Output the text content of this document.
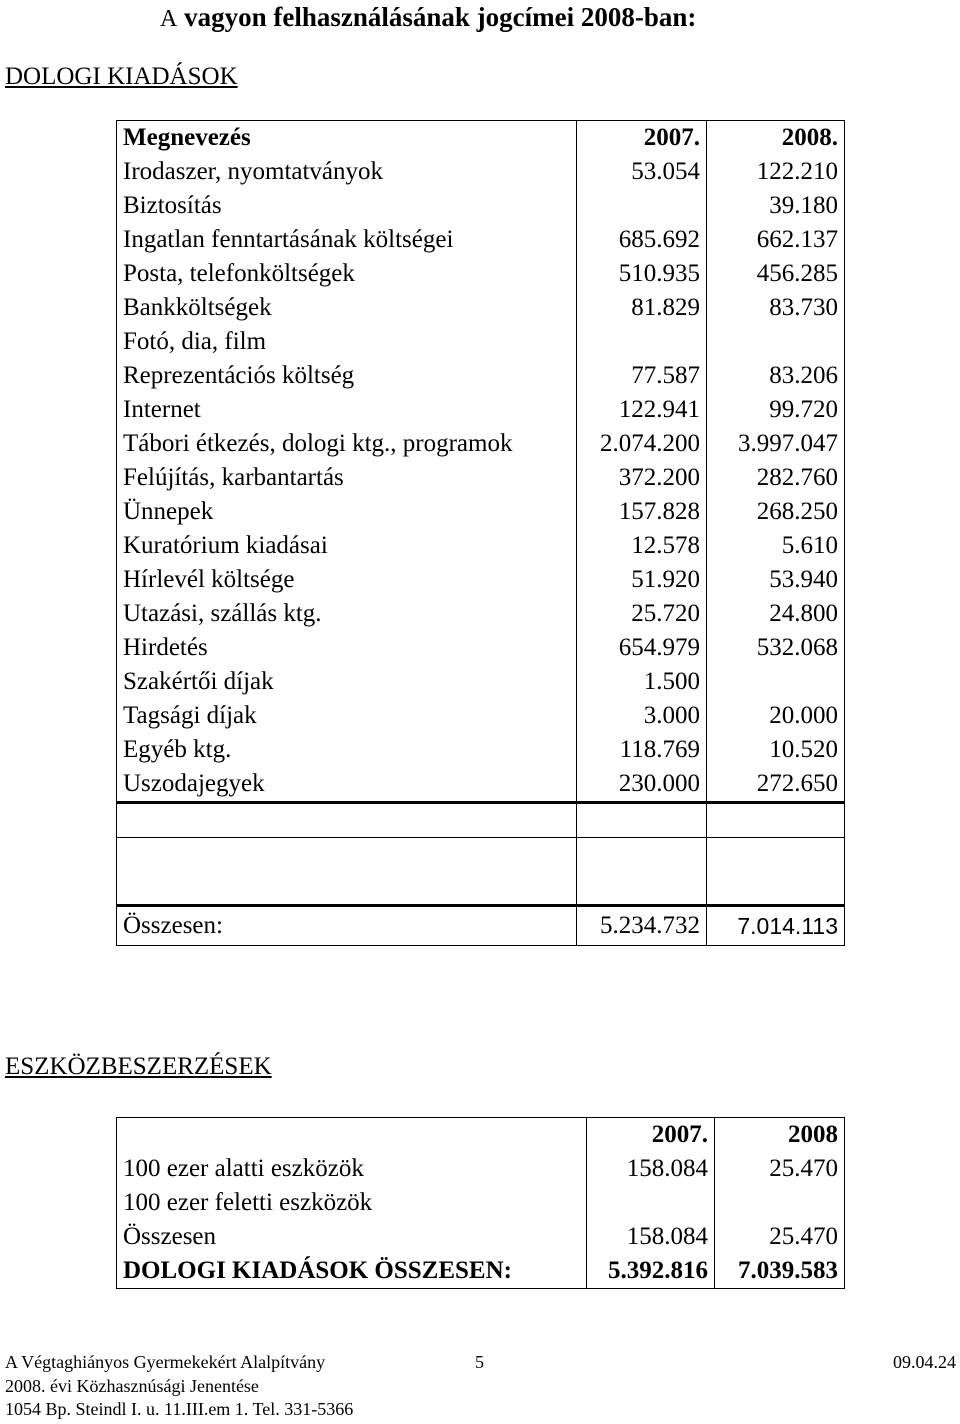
A vagyon felhasználásának jogcímei 2008-ban:
DOLOGI KIADÁSOK
Megnevezés	2007.	2008.
Irodaszer, nyomtatványok	53.054	122.210
Biztosítás		39.180
Ingatlan fenntartásának költségei	685.692	662.137
Posta, telefonköltségek	510.935	456.285
Bankköltségek	81.829	83.730
Fotó, dia, film		
Reprezentációs költség	77.587	83.206
Internet	122.941	99.720
Tábori étkezés, dologi ktg., programok	2.074.200	3.997.047
Felújítás, karbantartás	372.200	282.760
Ünnepek	157.828	268.250
Kuratórium kiadásai	12.578	5.610
Hírlevél költsége	51.920	53.940
Utazási, szállás ktg.	25.720	24.800
Hirdetés	654.979	532.068
Szakértői díjak	1.500	
Tagsági díjak	3.000	20.000
Egyéb ktg.	118.769	10.520
Uszodajegyek	230.000	272.650

Összesen:	5.234.732	7.014.113
ESZKÖZBESZERZÉSEK
	2007.	2008
100 ezer alatti eszközök	158.084	25.470
100 ezer feletti eszközök		
Összesen	158.084	25.470
DOLOGI KIADÁSOK ÖSSZESEN:	5.392.816	7.039.583
A Végtaghiányos Gyermekekért Alalpítvány	5	09.04.24
2008. évi Közhasznúsági Jenentése
1054 Bp. Steindl I. u. 11.III.em 1. Tel. 331-5366
